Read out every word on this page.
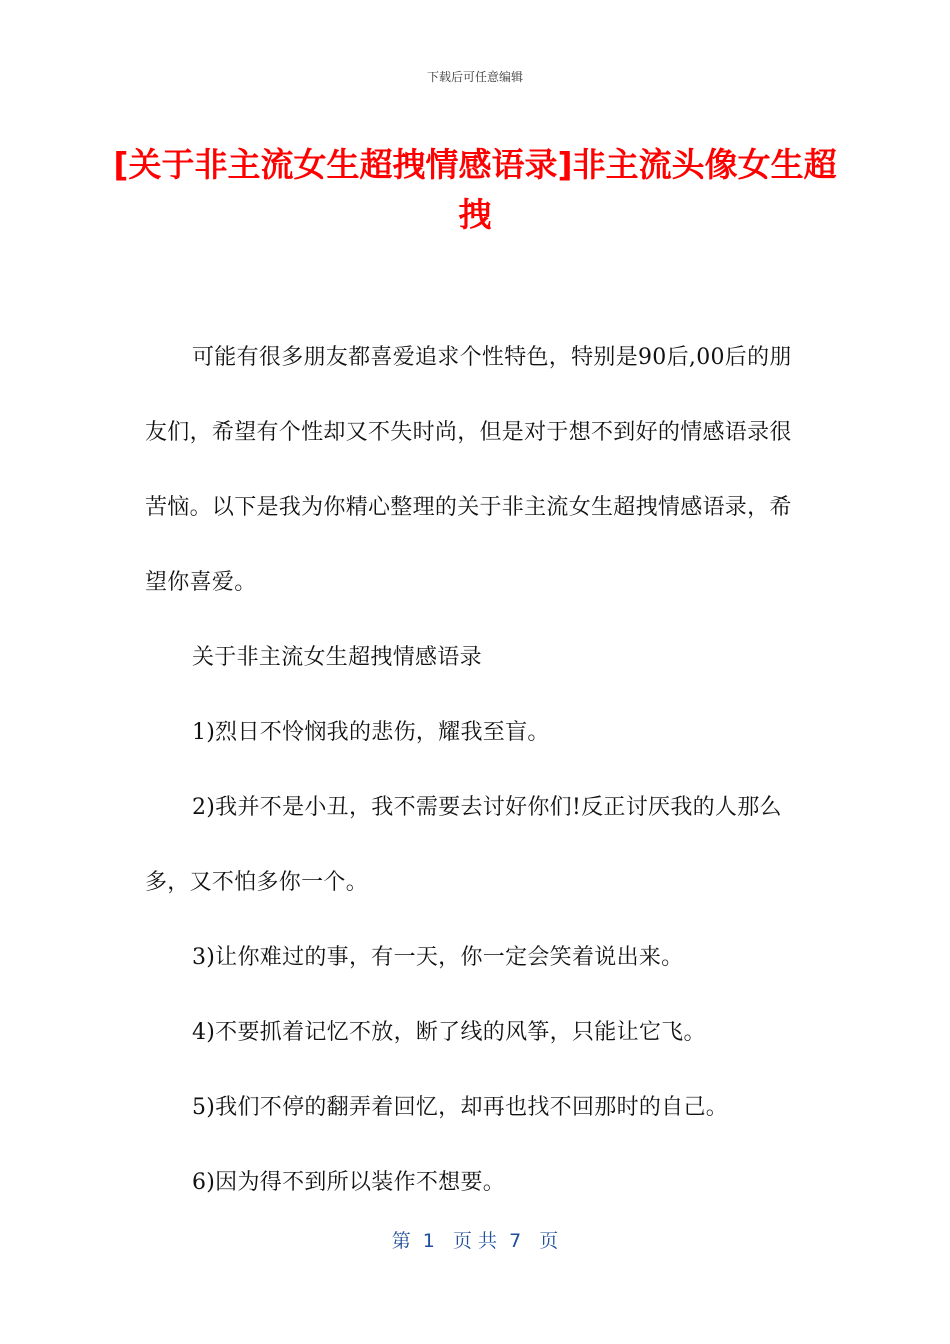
下载后可任意编辑
[关于非主流女生超拽情感语录]非主流头像女生超拽

可能有很多朋友都喜爱追求个性特色，特别是90后,00后的朋友们，希望有个性却又不失时尚，但是对于想不到好的情感语录很苦恼。以下是我为你精心整理的关于非主流女生超拽情感语录，希望你喜爱。

关于非主流女生超拽情感语录

1)烈日不怜悯我的悲伤，耀我至盲。

2)我并不是小丑，我不需要去讨好你们!反正讨厌我的人那么多，又不怕多你一个。

3)让你难过的事，有一天，你一定会笑着说出来。

4)不要抓着记忆不放，断了线的风筝，只能让它飞。

5)我们不停的翻弄着回忆，却再也找不回那时的自己。

6)因为得不到所以装作不想要。

第  1   页 共  7   页
